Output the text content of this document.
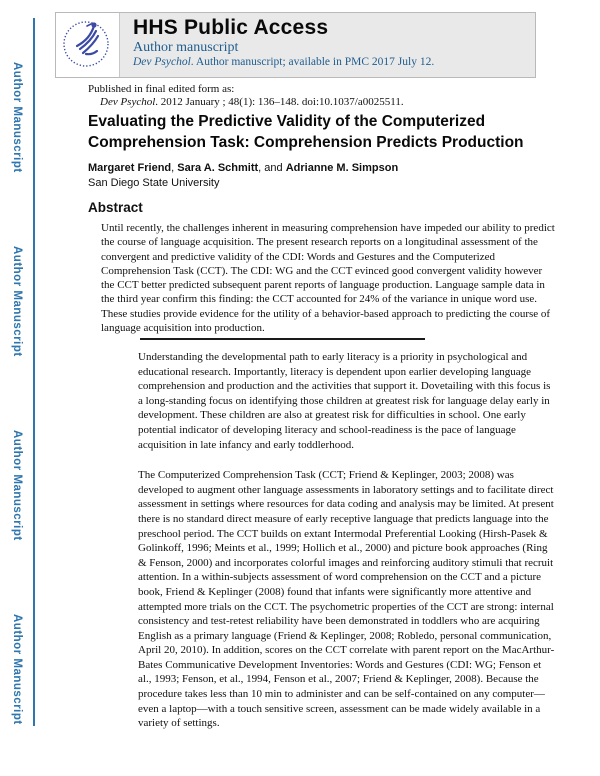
Author Manuscript
Author Manuscript
Author Manuscript
Author Manuscript
HHS Public Access
Author manuscript
Dev Psychol. Author manuscript; available in PMC 2017 July 12.
Published in final edited form as:
Dev Psychol. 2012 January ; 48(1): 136–148. doi:10.1037/a0025511.
Evaluating the Predictive Validity of the Computerized Comprehension Task: Comprehension Predicts Production
Margaret Friend, Sara A. Schmitt, and Adrianne M. Simpson
San Diego State University
Abstract
Until recently, the challenges inherent in measuring comprehension have impeded our ability to predict the course of language acquisition. The present research reports on a longitudinal assessment of the convergent and predictive validity of the CDI: Words and Gestures and the Computerized Comprehension Task (CCT). The CDI: WG and the CCT evinced good convergent validity however the CCT better predicted subsequent parent reports of language production. Language sample data in the third year confirm this finding: the CCT accounted for 24% of the variance in unique word use. These studies provide evidence for the utility of a behavior-based approach to predicting the course of language acquisition into production.

Understanding the developmental path to early literacy is a priority in psychological and educational research. Importantly, literacy is dependent upon earlier developing language comprehension and production and the activities that support it. Dovetailing with this focus is a long-standing focus on identifying those children at greatest risk for language delay early in development. These children are also at greatest risk for difficulties in school. One early potential indicator of developing literacy and school-readiness is the pace of language acquisition in late infancy and early toddlerhood.

The Computerized Comprehension Task (CCT; Friend & Keplinger, 2003; 2008) was developed to augment other language assessments in laboratory settings and to facilitate direct assessment in settings where resources for data coding and analysis may be limited. At present there is no standard direct measure of early receptive language that predicts language into the preschool period. The CCT builds on extant Intermodal Preferential Looking (Hirsh-Pasek & Golinkoff, 1996; Meints et al., 1999; Hollich et al., 2000) and picture book approaches (Ring & Fenson, 2000) and incorporates colorful images and reinforcing auditory stimuli that recruit attention. In a within-subjects assessment of word comprehension on the CCT and a picture book, Friend & Keplinger (2008) found that infants were significantly more attentive and attempted more trials on the CCT. The psychometric properties of the CCT are strong: internal consistency and test-retest reliability have been demonstrated in toddlers who are acquiring English as a primary language (Friend & Keplinger, 2008; Robledo, personal communication, April 20, 2010). In addition, scores on the CCT correlate with parent report on the MacArthur-Bates Communicative Development Inventories: Words and Gestures (CDI: WG; Fenson et al., 1993; Fenson, et al., 1994, Fenson et al., 2007; Friend & Keplinger, 2008). Because the procedure takes less than 10 min to administer and can be self-contained on any computer—even a laptop—with a touch sensitive screen, assessment can be made widely available in a variety of settings.
